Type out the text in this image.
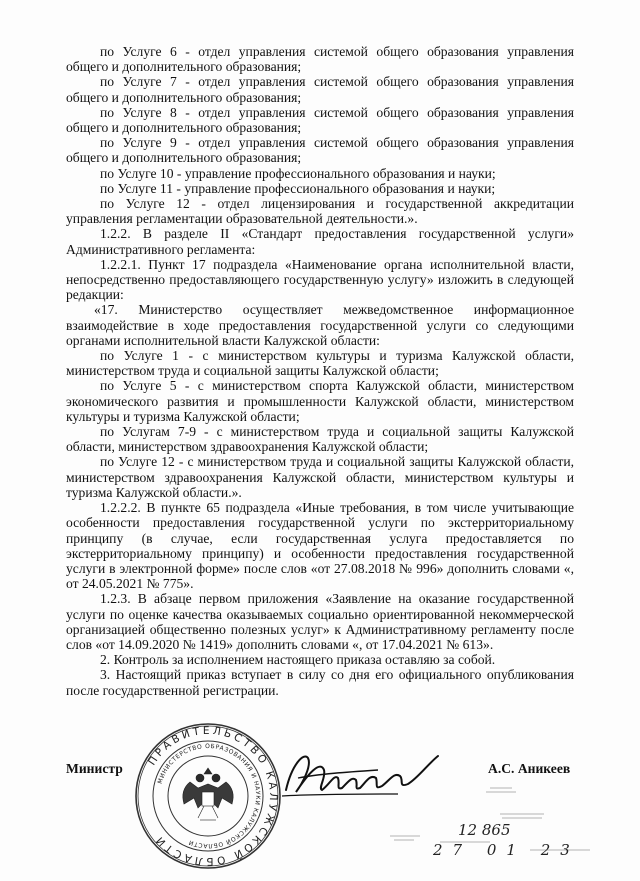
по Услуге 6 - отдел управления системой общего образования управления общего и дополнительного образования;

по Услуге 7 - отдел управления системой общего образования управления общего и дополнительного образования;

по Услуге 8 - отдел управления системой общего образования управления общего и дополнительного образования;

по Услуге 9 - отдел управления системой общего образования управления общего и дополнительного образования;

по Услуге 10 - управление профессионального образования и науки;

по Услуге 11 - управление профессионального образования и науки;

по Услуге 12 - отдел лицензирования и государственной аккредитации управления регламентации образовательной деятельности.».

1.2.2. В разделе II «Стандарт предоставления государственной услуги» Административного регламента:

1.2.2.1. Пункт 17 подраздела «Наименование органа исполнительной власти, непосредственно предоставляющего государственную услугу» изложить в следующей редакции:

«17. Министерство осуществляет межведомственное информационное взаимодействие в ходе предоставления государственной услуги со следующими органами исполнительной власти Калужской области:

по Услуге 1 - с министерством культуры и туризма Калужской области, министерством труда и социальной защиты Калужской области;

по Услуге 5 - с министерством спорта Калужской области, министерством экономического развития и промышленности Калужской области, министерством культуры и туризма Калужской области;

по Услугам 7-9 - с министерством труда и социальной защиты Калужской области, министерством здравоохранения Калужской области;

по Услуге 12 - с министерством труда и социальной защиты Калужской области, министерством здравоохранения Калужской области, министерством культуры и туризма Калужской области.».

1.2.2.2. В пункте 65 подраздела «Иные требования, в том числе учитывающие особенности предоставления государственной услуги по экстерриториальному принципу (в случае, если государственная услуга предоставляется по экстерриториальному принципу) и особенности предоставления государственной услуги в электронной форме» после слов «от 27.08.2018 № 996» дополнить словами «, от 24.05.2021 № 775».

1.2.3. В абзаце первом приложения «Заявление на оказание государственной услуги по оценке качества оказываемых социально ориентированной некоммерческой организацией общественно полезных услуг» к Административному регламенту после слов «от 14.09.2020 № 1419» дополнить словами «, от 17.04.2021 № 613».

2. Контроль за исполнением настоящего приказа оставляю за собой.

3. Настоящий приказ вступает в силу со дня его официального опубликования после государственной регистрации.

ПРАВИТЕЛЬСТВО КАЛУЖСКОЙ ОБЛАСТИ
МИНИСТЕРСТВО ОБРАЗОВАНИЯ И НАУКИ КАЛУЖСКОЙ ОБЛАСТИ
Министр	А.С. Аникеев
12 865
27 01 23
